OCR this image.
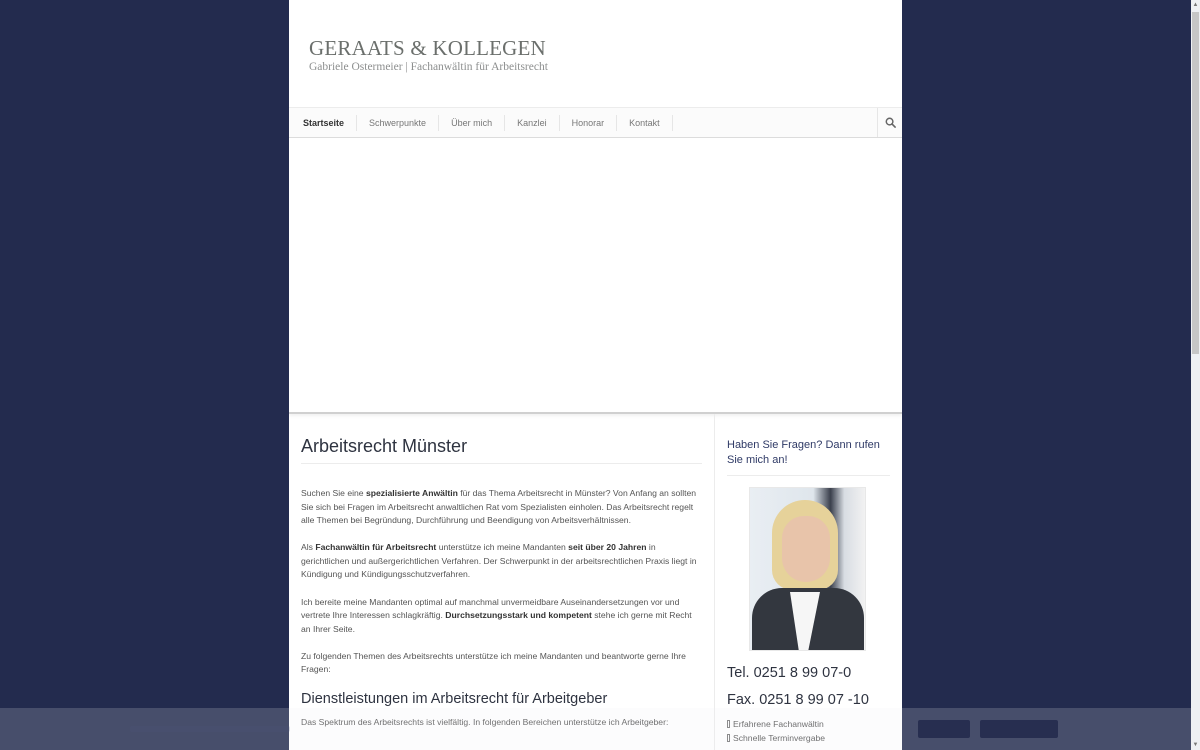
GERAATS & KOLLEGEN
Gabriele Ostermeier | Fachanwältin für Arbeitsrecht
Startseite	Schwerpunkte	Über mich	Kanzlei	Honorar	Kontakt
Arbeitsrecht Münster

Suchen Sie eine spezialisierte Anwältin für das Thema Arbeitsrecht in Münster? Von Anfang an sollten Sie sich bei Fragen im Arbeitsrecht anwaltlichen Rat vom Spezialisten einholen. Das Arbeitsrecht regelt alle Themen bei Begründung, Durchführung und Beendigung von Arbeitsverhältnissen.

Als Fachanwältin für Arbeitsrecht unterstütze ich meine Mandanten seit über 20 Jahren in gerichtlichen und außergerichtlichen Verfahren. Der Schwerpunkt in der arbeitsrechtlichen Praxis liegt in Kündigung und Kündigungsschutzverfahren.

Ich bereite meine Mandanten optimal auf manchmal unvermeidbare Auseinandersetzungen vor und vertrete Ihre Interessen schlagkräftig. Durchsetzungsstark und kompetent stehe ich gerne mit Recht an Ihrer Seite.

Zu folgenden Themen des Arbeitsrechts unterstütze ich meine Mandanten und beantworte gerne Ihre Fragen:

Dienstleistungen im Arbeitsrecht für Arbeitgeber

Das Spektrum des Arbeitsrechts ist vielfältig. In folgenden Bereichen unterstütze ich Arbeitgeber:

Haben Sie Fragen? Dann rufen Sie mich an!
Tel. 0251 8 99 07-0
Fax. 0251 8 99 07 -10
Erfahrene Fachanwältin
Schnelle Terminvergabe
▲
▼
